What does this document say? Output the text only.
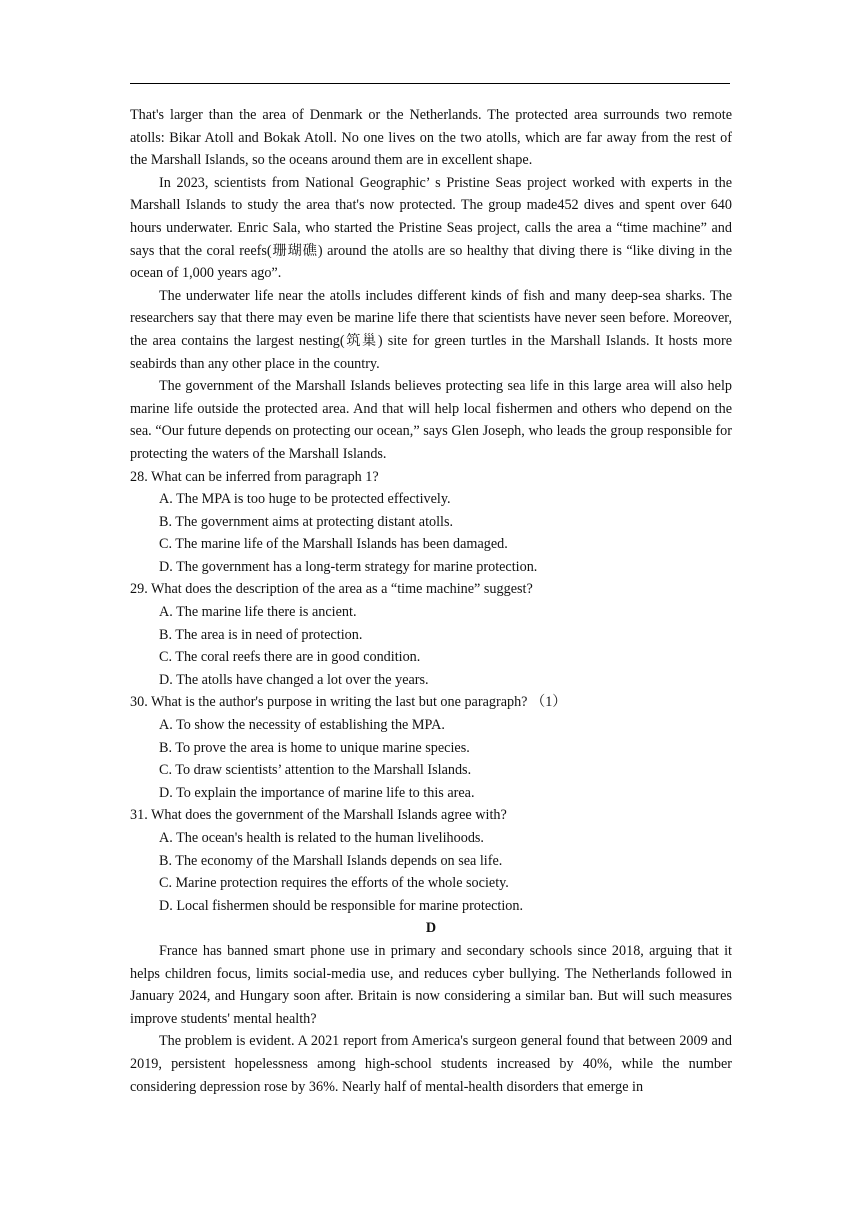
That's larger than the area of Denmark or the Netherlands. The protected area surrounds two remote atolls: Bikar Atoll and Bokak Atoll. No one lives on the two atolls, which are far away from the rest of the Marshall Islands, so the oceans around them are in excellent shape.

In 2023, scientists from National Geographic’ s Pristine Seas project worked with experts in the Marshall Islands to study the area that's now protected. The group made452 dives and spent over 640 hours underwater. Enric Sala, who started the Pristine Seas project, calls the area a “time machine” and says that the coral reefs(珊瑚礁) around the atolls are so healthy that diving there is “like diving in the ocean of 1,000 years ago”.

The underwater life near the atolls includes different kinds of fish and many deep-sea sharks. The researchers say that there may even be marine life there that scientists have never seen before. Moreover, the area contains the largest nesting(筑巢) site for green turtles in the Marshall Islands. It hosts more seabirds than any other place in the country.

The government of the Marshall Islands believes protecting sea life in this large area will also help marine life outside the protected area. And that will help local fishermen and others who depend on the sea. “Our future depends on protecting our ocean,” says Glen Joseph, who leads the group responsible for protecting the waters of the Marshall Islands.

28. What can be inferred from paragraph 1?

A. The MPA is too huge to be protected effectively.

B. The government aims at protecting distant atolls.

C. The marine life of the Marshall Islands has been damaged.

D. The government has a long-term strategy for marine protection.

29. What does the description of the area as a “time machine” suggest?

A. The marine life there is ancient.

B. The area is in need of protection.

C. The coral reefs there are in good condition.

D. The atolls have changed a lot over the years.

30. What is the author's purpose in writing the last but one paragraph? （1）

A. To show the necessity of establishing the MPA.

B. To prove the area is home to unique marine species.

C. To draw scientists’ attention to the Marshall Islands.

D. To explain the importance of marine life to this area.

31. What does the government of the Marshall Islands agree with?

A. The ocean's health is related to the human livelihoods.

B. The economy of the Marshall Islands depends on sea life.

C. Marine protection requires the efforts of the whole society.

D. Local fishermen should be responsible for marine protection.

D

France has banned smart phone use in primary and secondary schools since 2018, arguing that it helps children focus, limits social-media use, and reduces cyber bullying. The Netherlands followed in January 2024, and Hungary soon after. Britain is now considering a similar ban. But will such measures improve students' mental health?

The problem is evident. A 2021 report from America's surgeon general found that between 2009 and 2019, persistent hopelessness among high-school students increased by 40%, while the number considering depression rose by 36%. Nearly half of mental-health disorders that emerge in
